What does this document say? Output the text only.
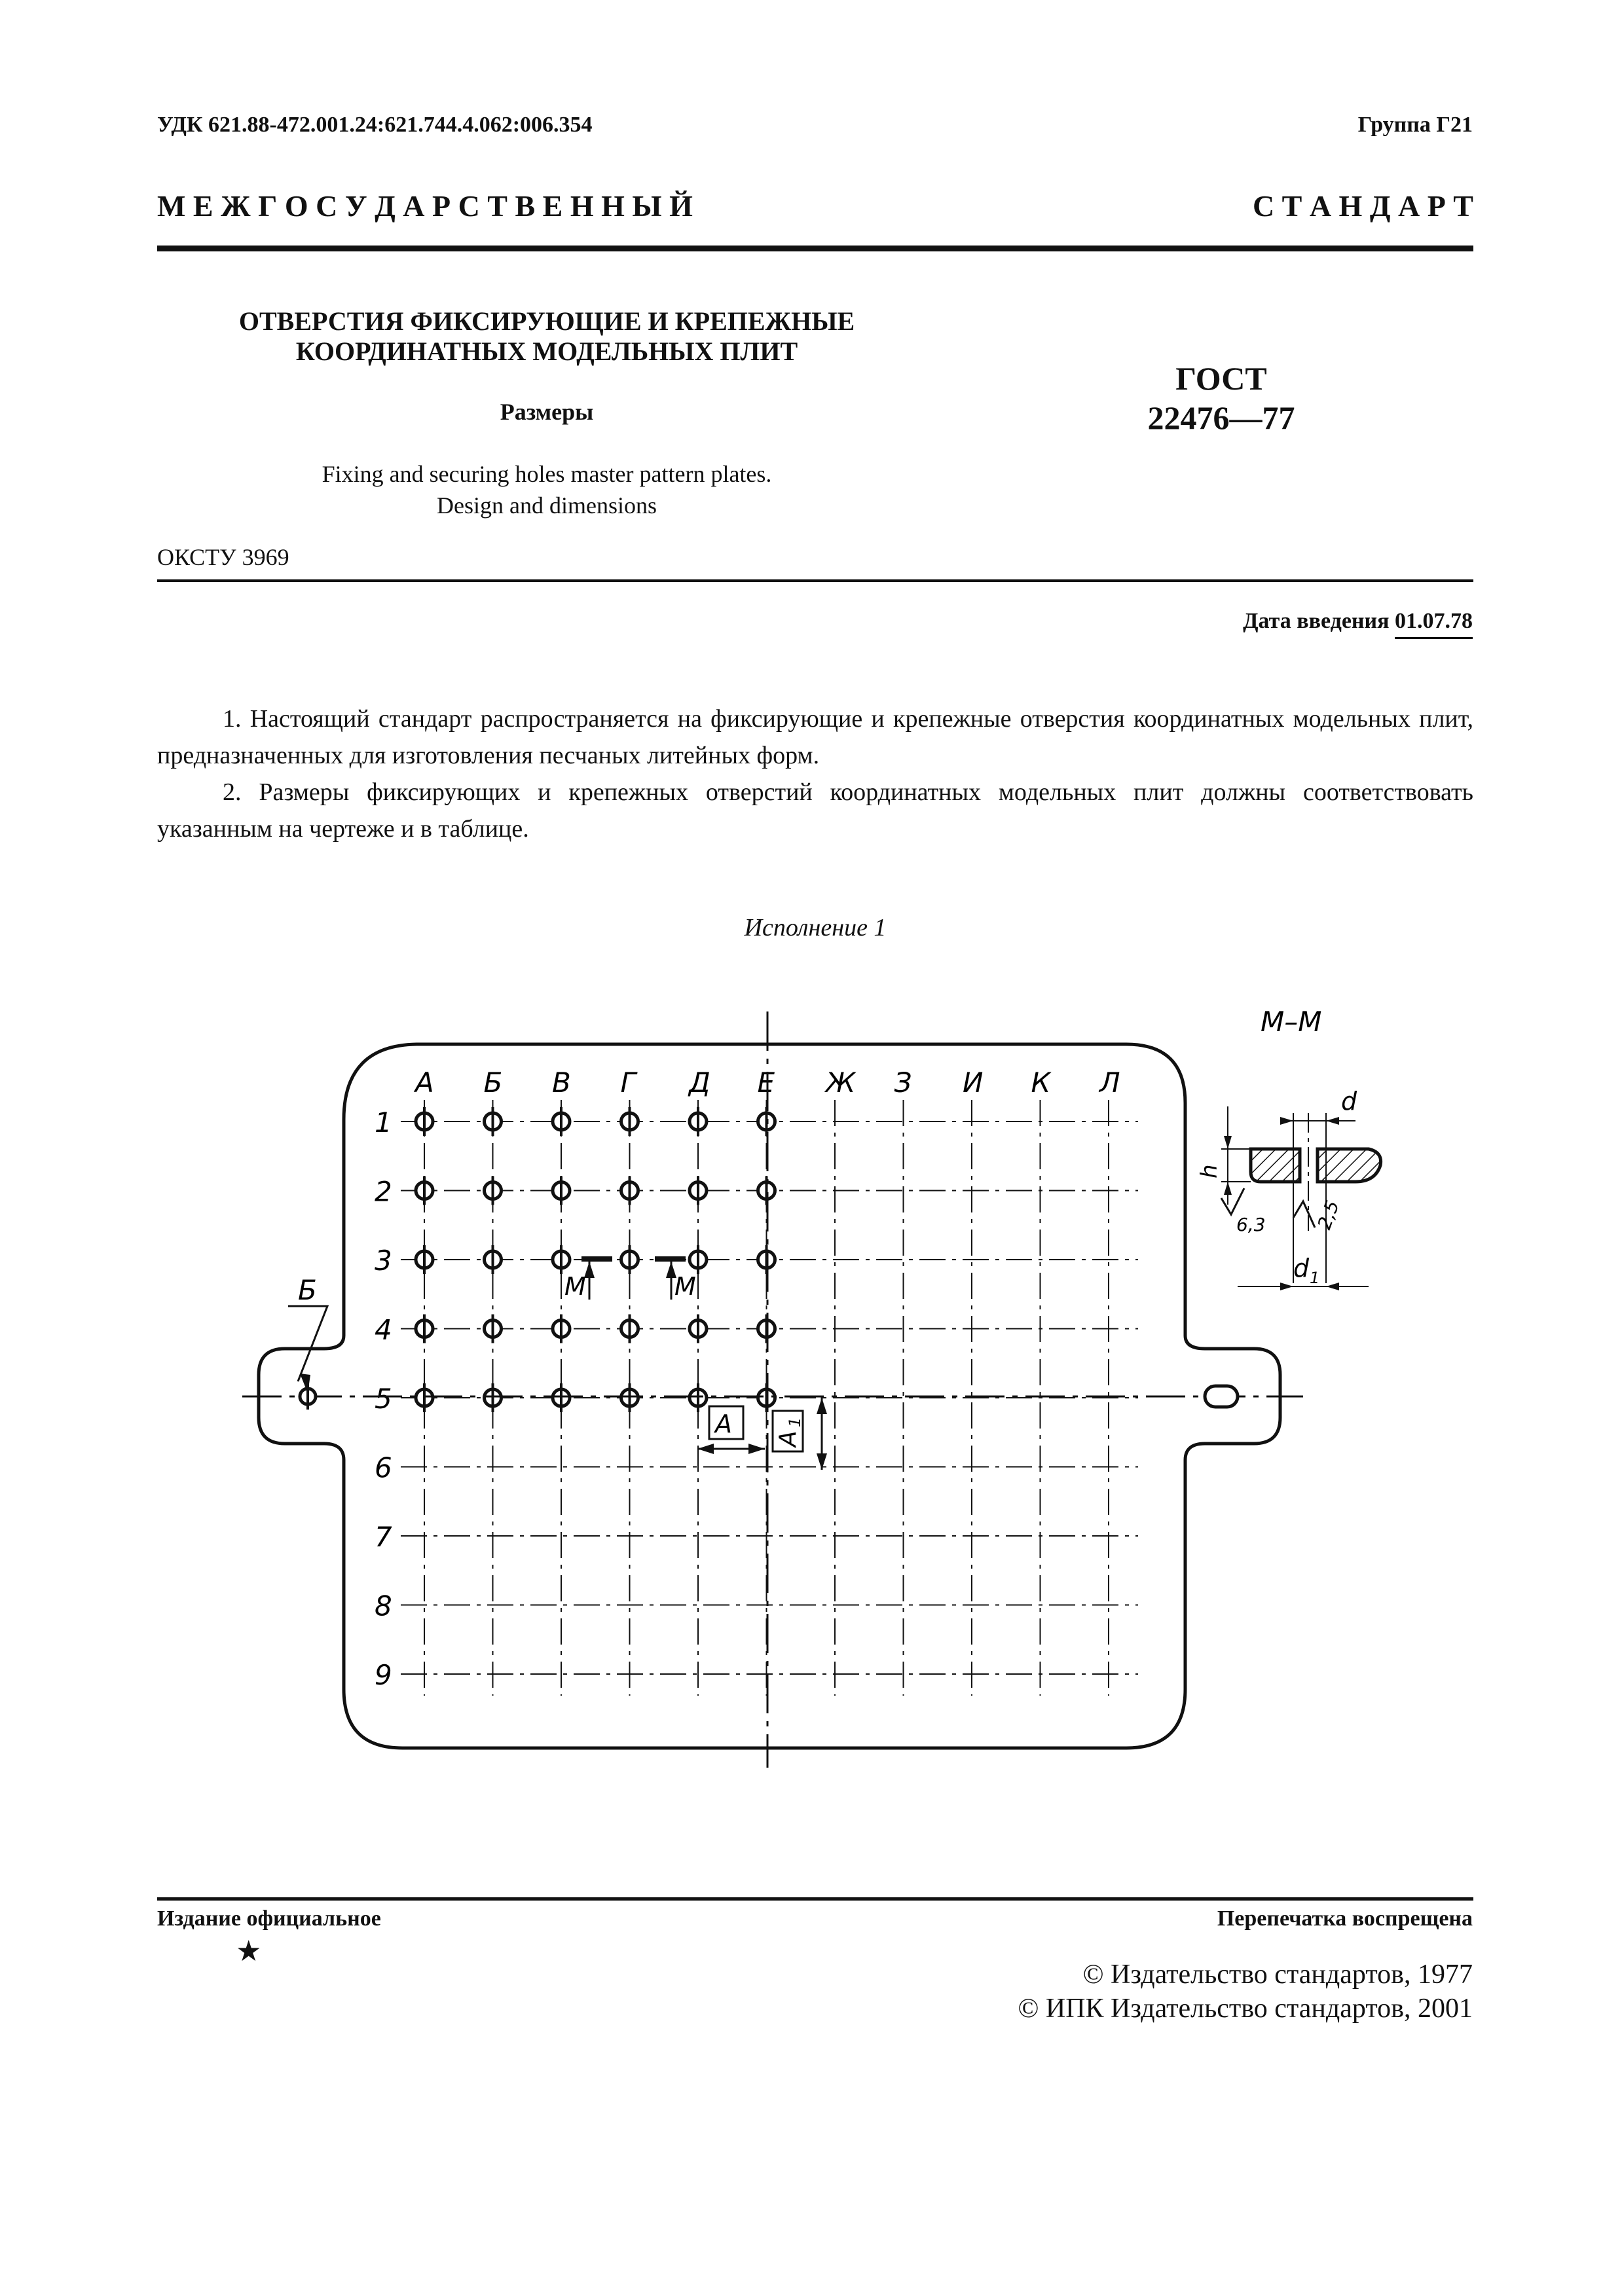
УДК 621.88-472.001.24:621.744.4.062:006.354	Группа Г21
М Е Ж Г О С У Д А Р С Т В Е Н Н Ы Й	С Т А Н Д А Р Т
ОТВЕРСТИЯ ФИКСИРУЮЩИЕ И КРЕПЕЖНЫЕ
КООРДИНАТНЫХ МОДЕЛЬНЫХ ПЛИТ
Размеры
ГОСТ
22476—77
Fixing and securing holes master pattern plates.
Design and dimensions
ОКСТУ 3969
Дата введения 01.07.78

1. Настоящий стандарт распространяется на фиксирующие и крепежные отверстия координатных модельных плит, предназначенных для изготовления песчаных литейных форм.

2. Размеры фиксирующих и крепежных отверстий координатных модельных плит должны соответствовать указанным на чертеже и в таблице.

Исполнение 1
А Б В Г Д Е Ж З И К Л
1
2
3
4
5
6
7
8
9
Б	М	М
A
A
1
М–М
d
h
6,3	2,5
d 1
Издание официальное
★
Перепечатка воспрещена
© Издательство стандартов, 1977
© ИПК Издательство стандартов, 2001
